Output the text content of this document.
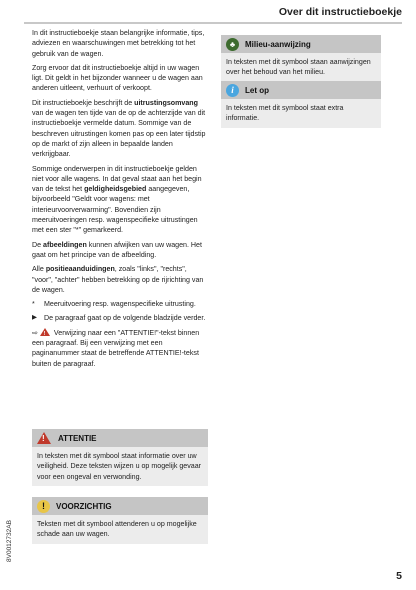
Over dit instructieboekje

In dit instructieboekje staan belangrijke informatie, tips, adviezen en waarschuwingen met betrekking tot het gebruik van de wagen.

Zorg ervoor dat dit instructieboekje altijd in uw wagen ligt. Dit geldt in het bijzonder wanneer u de wagen aan anderen uitleent, verhuurt of verkoopt.

Dit instructieboekje beschrijft de uitrustingsomvang van de wagen ten tijde van de op de achterzijde van dit instructieboekje vermelde datum. Sommige van de beschreven uitrustingen komen pas op een later tijdstip op de markt of zijn alleen in bepaalde landen verkrijgbaar.

Sommige onderwerpen in dit instructieboekje gelden niet voor alle wagens. In dat geval staat aan het begin van de tekst het geldigheidsgebied aangegeven, bijvoorbeeld "Geldt voor wagens: met interieurvoorverwarming". Bovendien zijn meeruitvoeringen resp. wagenspecifieke uitrustingen met een ster "*" gemarkeerd.

De afbeeldingen kunnen afwijken van uw wagen. Het gaat om het principe van de afbeelding.

Alle positieaanduidingen, zoals "links", "rechts", "voor", "achter" hebben betrekking op de rijrichting van de wagen.

*	Meeruitvoering resp. wagenspecifieke uitrusting.
▶ De paragraaf gaat op de volgende bladzijde verder.

⇨! Verwijzing naar een "ATTENTIE!"-tekst binnen een paragraaf. Bij een verwijzing met een paginanummer staat de betreffende ATTENTIE!-tekst buiten de paragraaf.

!
ATTENTIE
In teksten met dit symbool staat informatie over uw veiligheid. Deze teksten wijzen u op mogelijk gevaar voor een ongeval en verwonding.
!	VOORZICHTIG
Teksten met dit symbool attenderen u op mogelijke schade aan uw wagen.
♣	Milieu-aanwijzing
In teksten met dit symbool staan aanwijzingen over het behoud van het milieu.
i	Let op
In teksten met dit symbool staat extra informatie.
8V0012732AB
5
